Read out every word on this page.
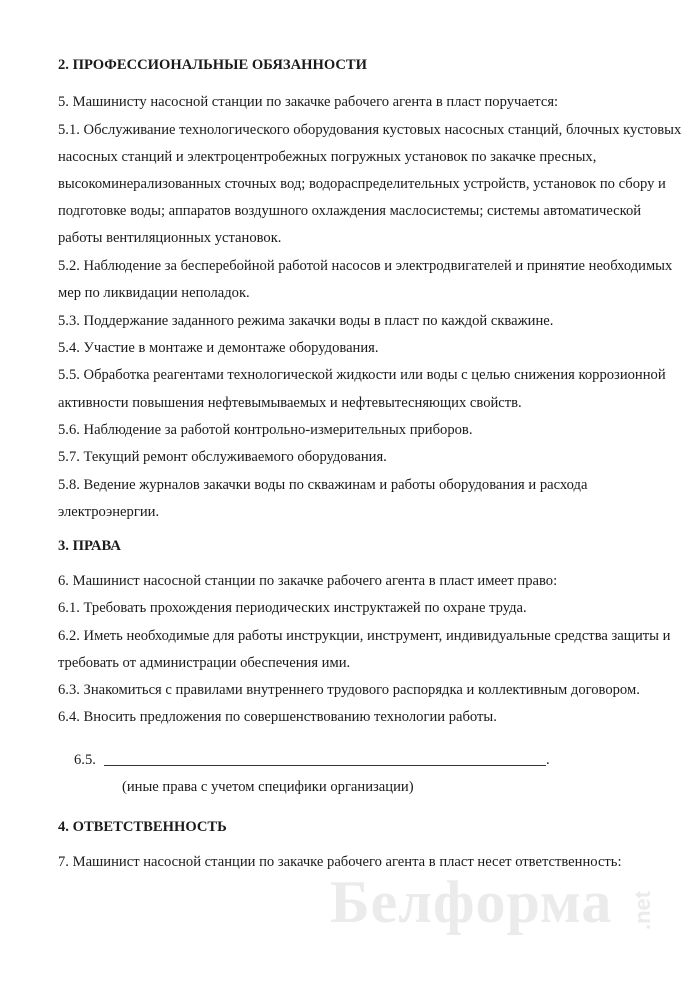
2. ПРОФЕССИОНАЛЬНЫЕ ОБЯЗАННОСТИ

5. Машинисту насосной станции по закачке рабочего агента в пласт поручается:

5.1. Обслуживание технологического оборудования кустовых насосных станций, блочных кустовых

насосных станций и электроцентробежных погружных установок по закачке пресных,

высокоминерализованных сточных вод; водораспределительных устройств, установок по сбору и

подготовке воды; аппаратов воздушного охлаждения маслосистемы; системы автоматической

работы вентиляционных установок.

5.2. Наблюдение за бесперебойной работой насосов и электродвигателей и принятие необходимых

мер по ликвидации неполадок.

5.3. Поддержание заданного режима закачки воды в пласт по каждой скважине.

5.4. Участие в монтаже и демонтаже оборудования.

5.5. Обработка реагентами технологической жидкости или воды с целью снижения коррозионной

активности повышения нефтевымываемых и нефтевытесняющих свойств.

5.6. Наблюдение за работой контрольно-измерительных приборов.

5.7. Текущий ремонт обслуживаемого оборудования.

5.8. Ведение журналов закачки воды по скважинам и работы оборудования и расхода

электроэнергии.

3. ПРАВА

6. Машинист насосной станции по закачке рабочего агента в пласт имеет право:

6.1. Требовать прохождения периодических инструктажей по охране труда.

6.2. Иметь необходимые для работы инструкции, инструмент, индивидуальные средства защиты и

требовать от администрации обеспечения ими.

6.3. Знакомиться с правилами внутреннего трудового распорядка и коллективным договором.

6.4. Вносить предложения по совершенствованию технологии работы.

6.5.	.
(иные права с учетом специфики организации)

4. ОТВЕТСТВЕННОСТЬ

7. Машинист насосной станции по закачке рабочего агента в пласт несет ответственность:

Белформа .net
